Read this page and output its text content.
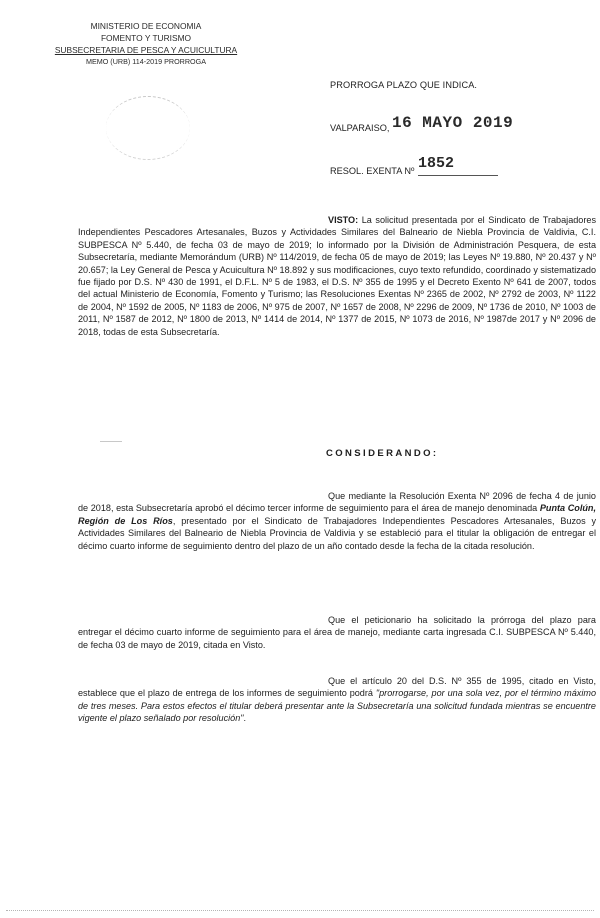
MINISTERIO DE ECONOMIA
FOMENTO Y TURISMO
SUBSECRETARIA DE PESCA Y ACUICULTURA
MEMO (URB) 114-2019 PRORROGA
PRORROGA PLAZO QUE INDICA.
VALPARAISO, 16 MAYO 2019
RESOL. EXENTA Nº 1852

VISTO: La solicitud presentada por el Sindicato de Trabajadores Independientes Pescadores Artesanales, Buzos y Actividades Similares del Balneario de Niebla Provincia de Valdivia, C.I. SUBPESCA Nº 5.440, de fecha 03 de mayo de 2019; lo informado por la División de Administración Pesquera, de esta Subsecretaría, mediante Memorándum (URB) Nº 114/2019, de fecha 05 de mayo de 2019; las Leyes Nº 19.880, Nº 20.437 y Nº 20.657; la Ley General de Pesca y Acuicultura Nº 18.892 y sus modificaciones, cuyo texto refundido, coordinado y sistematizado fue fijado por D.S. Nº 430 de 1991, el D.F.L. Nº 5 de 1983, el D.S. Nº 355 de 1995 y el Decreto Exento Nº 641 de 2007, todos del actual Ministerio de Economía, Fomento y Turismo; las Resoluciones Exentas Nº 2365 de 2002, Nº 2792 de 2003, Nº 1122 de 2004, Nº 1592 de 2005, Nº 1183 de 2006, Nº 975 de 2007, Nº 1657 de 2008, Nº 2296 de 2009, Nº 1736 de 2010, Nº 1003 de 2011, Nº 1587 de 2012, Nº 1800 de 2013, Nº 1414 de 2014, Nº 1377 de 2015, Nº 1073 de 2016, Nº 1987de 2017 y Nº 2096 de 2018, todas de esta Subsecretaría.

CONSIDERANDO:

Que mediante la Resolución Exenta Nº 2096 de fecha 4 de junio de 2018, esta Subsecretaría aprobó el décimo tercer informe de seguimiento para el área de manejo denominada Punta Colún, Región de Los Ríos, presentado por el Sindicato de Trabajadores Independientes Pescadores Artesanales, Buzos y Actividades Similares del Balneario de Niebla Provincia de Valdivia y se estableció para el titular la obligación de entregar el décimo cuarto informe de seguimiento dentro del plazo de un año contado desde la fecha de la citada resolución.

Que el peticionario ha solicitado la prórroga del plazo para entregar el décimo cuarto informe de seguimiento para el área de manejo, mediante carta ingresada C.I. SUBPESCA Nº 5.440, de fecha 03 de mayo de 2019, citada en Visto.

Que el artículo 20 del D.S. Nº 355 de 1995, citado en Visto, establece que el plazo de entrega de los informes de seguimiento podrá "prorrogarse, por una sola vez, por el término máximo de tres meses. Para estos efectos el titular deberá presentar ante la Subsecretaría una solicitud fundada mientras se encuentre vigente el plazo señalado por resolución".
